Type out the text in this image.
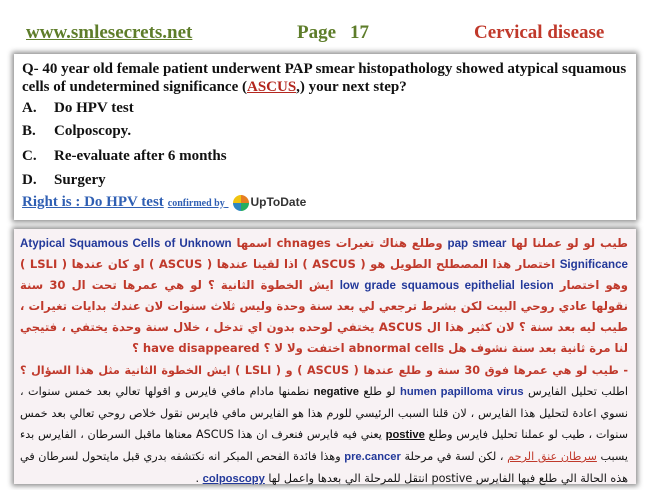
www.smlesecrets.net	Page 17	Cervical disease

Q- 40 year old female patient underwent PAP smear histopathology showed atypical squamous cells of undetermined significance (ASCUS,) your next step?

A. Do HPV test
B. Colposcopy.
C. Re-evaluate after 6 months
D. Surgery
Right is : Do HPV test confirmed by UpToDate

طيب لو لو عملنا لها pap smear وطلع هناك تغيرات chnages اسمها Atypical Squamous Cells of Unknown Significance اختصار هذا المصطلح الطويل هو ( ASCUS ) اذا لقينا عندها ( ASCUS ) او كان عندها ( LSLI ) وهو اختصار low grade squamous epithelial lesion ايش الخطوة الثانية ؟ لو هي عمرها تحت ال 30 سنة نقولها عادي روحي البيت لكن بشرط ترجعي لي بعد سنة وحدة وليس ثلاث سنوات لان عندك بدايات تغيرات ، طيب ليه بعد سنة ؟ لان كثير هذا ال ASCUS يختفي لوحده بدون اي تدخل ، خلال سنة وحدة يختفي ، فتيجي لنا مرة ثانية بعد سنة نشوف هل abnormal cells اختفت ولا لا ؟ have disappeared ؟

- طيب لو هي عمرها فوق 30 سنة و طلع عندها ( ASCUS ) و ( LSLI ) ايش الخطوة الثانية مثل هذا السؤال ؟ اطلب تحليل الفايرس humen papilloma virus لو طلع negative نطمنها مادام مافي فايرس و اقولها تعالي بعد خمس سنوات ، نسوي اعادة لتحليل هذا الفايرس ، لان قلنا السبب الرئيسي للورم هذا هو الفايرس مافي فايرس نقول خلاص روحي تعالي بعد خمس سنوات ، طيب لو عملنا تحليل فايرس وطلع postive يعني فيه فايرس فنعرف ان هذا ASCUS معناها ماقبل السرطان ، الفايرس بدء يسبب سرطان عنق الرحم ، لكن لسة في مرحلة pre.cancer وهذا فائدة الفحص المبكر انه نكتشفه بدري قبل مايتحول لسرطان في هذه الحالة الي طلع فيها الفايرس postive انتقل للمرحلة الي بعدها واعمل لها colposcopy .
